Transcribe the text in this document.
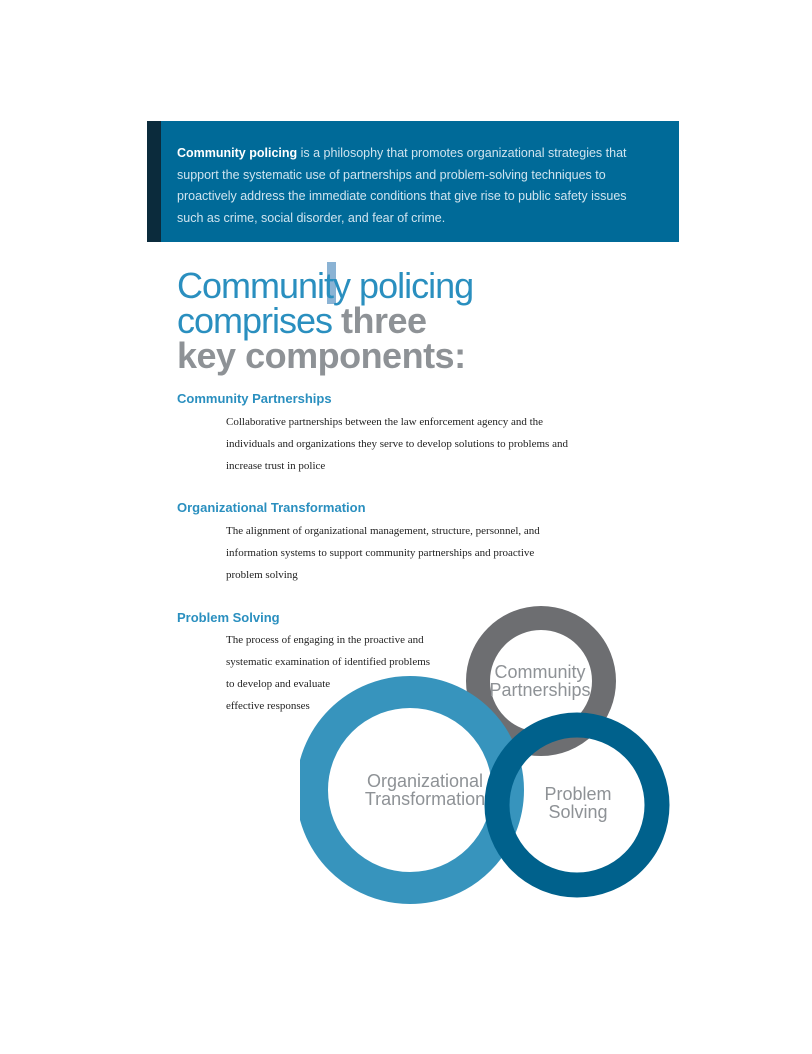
Community policing is a philosophy that promotes organizational strategies that support the systematic use of partnerships and problem-solving techniques to proactively address the immediate conditions that give rise to public safety issues such as crime, social disorder, and fear of crime.

Community policing
comprises three
key components:
Community Partnerships
Collaborative partnerships between the law enforcement agency and the
individuals and organizations they serve to develop solutions to problems and
increase trust in police
Organizational Transformation
The alignment of organizational management, structure, personnel, and
information systems to support community partnerships and proactive
problem solving
Problem Solving
The process of engaging in the proactive and
systematic examination of identified problems
to develop and evaluate
effective responses
Community
Partnerships
Organizational
Transformation	Problem
Solving
